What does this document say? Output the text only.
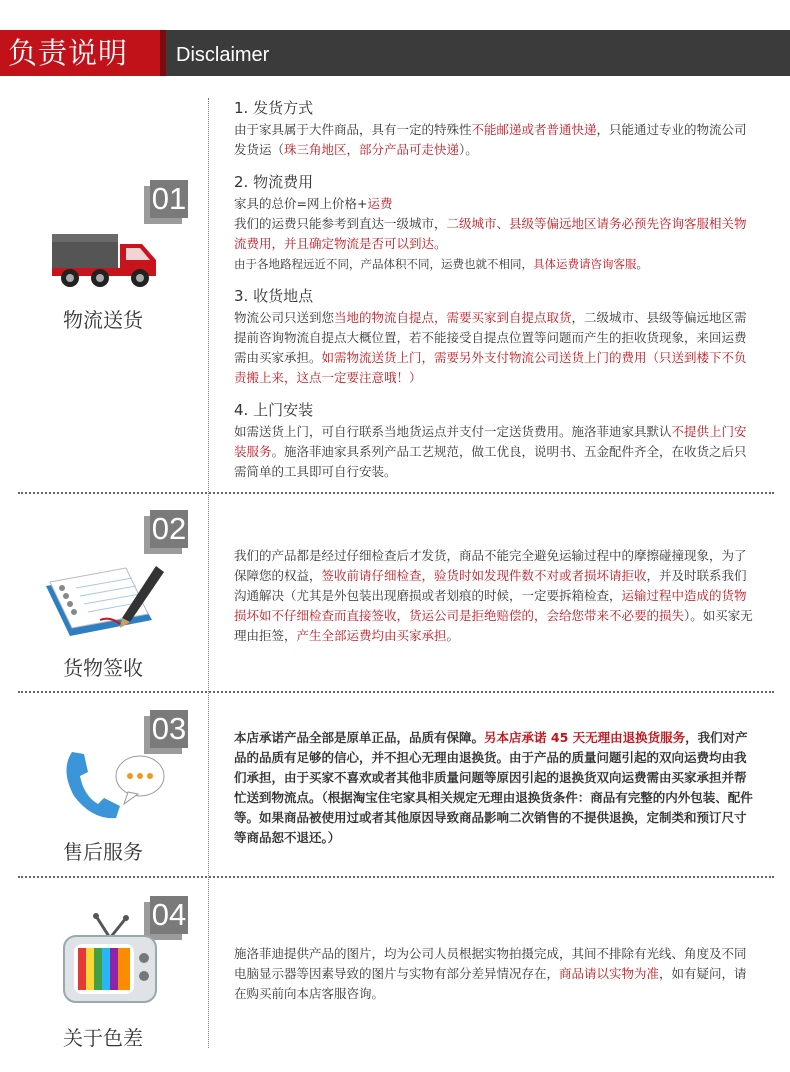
负责说明	Disclaimer
01
物流送货
1. 发货方式

由于家具属于大件商品，具有一定的特殊性不能邮递或者普通快递，只能通过专业的物流公司发货运（珠三角地区，部分产品可走快递）。

2. 物流费用

家具的总价=网上价格+运费

我们的运费只能参考到直达一级城市，二级城市、县级等偏远地区请务必预先咨询客服相关物流费用，并且确定物流是否可以到达。

由于各地路程远近不同，产品体积不同，运费也就不相同，具体运费请咨询客服。

3. 收货地点

物流公司只送到您当地的物流自提点，需要买家到自提点取货，二级城市、县级等偏远地区需提前咨询物流自提点大概位置，若不能接受自提点位置等问题而产生的拒收货现象，来回运费需由买家承担。如需物流送货上门，需要另外支付物流公司送货上门的费用（只送到楼下不负责搬上来，这点一定要注意哦！）

4. 上门安装

如需送货上门，可自行联系当地货运点并支付一定送货费用。施洛菲迪家具默认不提供上门安装服务。施洛菲迪家具系列产品工艺规范，做工优良，说明书、五金配件齐全，在收货之后只需简单的工具即可自行安装。

02
货物签收

我们的产品都是经过仔细检查后才发货，商品不能完全避免运输过程中的摩擦碰撞现象，为了保障您的权益，签收前请仔细检查，验货时如发现件数不对或者损坏请拒收，并及时联系我们沟通解决（尤其是外包装出现磨损或者划痕的时候，一定要拆箱检查，运输过程中造成的货物损坏如不仔细检查而直接签收，货运公司是拒绝赔偿的，会给您带来不必要的损失）。如买家无理由拒签，产生全部运费均由买家承担。

03
售后服务

本店承诺产品全部是原单正品，品质有保障。另本店承诺 45 天无理由退换货服务，我们对产品的品质有足够的信心，并不担心无理由退换货。由于产品的质量问题引起的双向运费均由我们承担，由于买家不喜欢或者其他非质量问题等原因引起的退换货双向运费需由买家承担并帮忙送到物流点。（根据淘宝住宅家具相关规定无理由退换货条件：商品有完整的内外包装、配件等。如果商品被使用过或者其他原因导致商品影响二次销售的不提供退换，定制类和预订尺寸等商品恕不退还。）

04
关于色差

施洛菲迪提供产品的图片，均为公司人员根据实物拍摄完成，其间不排除有光线、角度及不同电脑显示器等因素导致的图片与实物有部分差异情况存在，商品请以实物为准，如有疑问，请在购买前向本店客服咨询。
